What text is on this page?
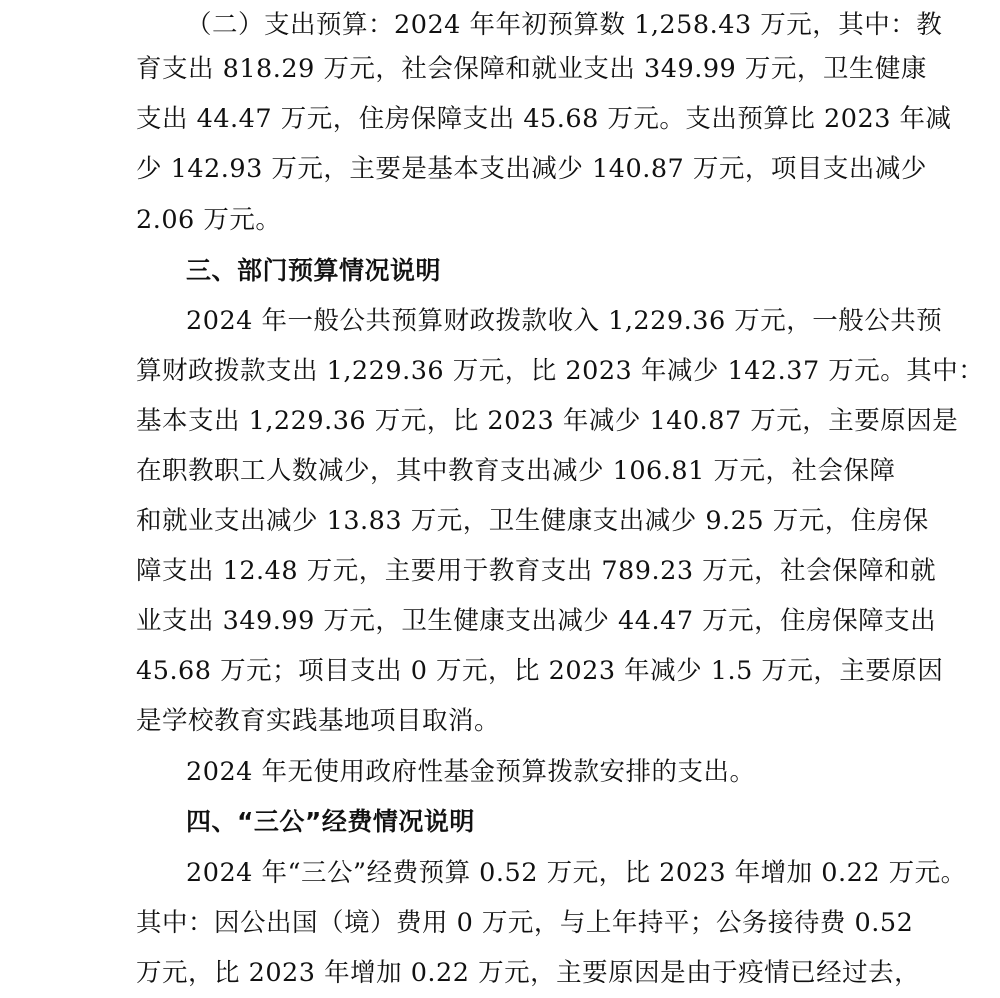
（二）支出预算：2024 年年初预算数 1,258.43 万元，其中：教
育支出 818.29 万元，社会保障和就业支出 349.99 万元，卫生健康
支出 44.47 万元，住房保障支出 45.68 万元。支出预算比 2023 年减
少 142.93 万元，主要是基本支出减少 140.87 万元，项目支出减少
2.06 万元。
三、部门预算情况说明
2024 年一般公共预算财政拨款收入 1,229.36 万元，一般公共预
算财政拨款支出 1,229.36 万元，比 2023 年减少 142.37 万元。其中：
基本支出 1,229.36 万元，比 2023 年减少 140.87 万元，主要原因是
在职教职工人数减少，其中教育支出减少 106.81 万元，社会保障
和就业支出减少 13.83 万元，卫生健康支出减少 9.25 万元，住房保
障支出 12.48 万元，主要用于教育支出 789.23 万元，社会保障和就
业支出 349.99 万元，卫生健康支出减少 44.47 万元，住房保障支出
45.68 万元；项目支出 0 万元，比 2023 年减少 1.5 万元，主要原因
是学校教育实践基地项目取消。
2024 年无使用政府性基金预算拨款安排的支出。
四、“三公”经费情况说明
2024 年“三公”经费预算 0.52 万元，比 2023 年增加 0.22 万元。
其中：因公出国（境）费用 0 万元，与上年持平；公务接待费 0.52
万元，比 2023 年增加 0.22 万元，主要原因是由于疫情已经过去，
